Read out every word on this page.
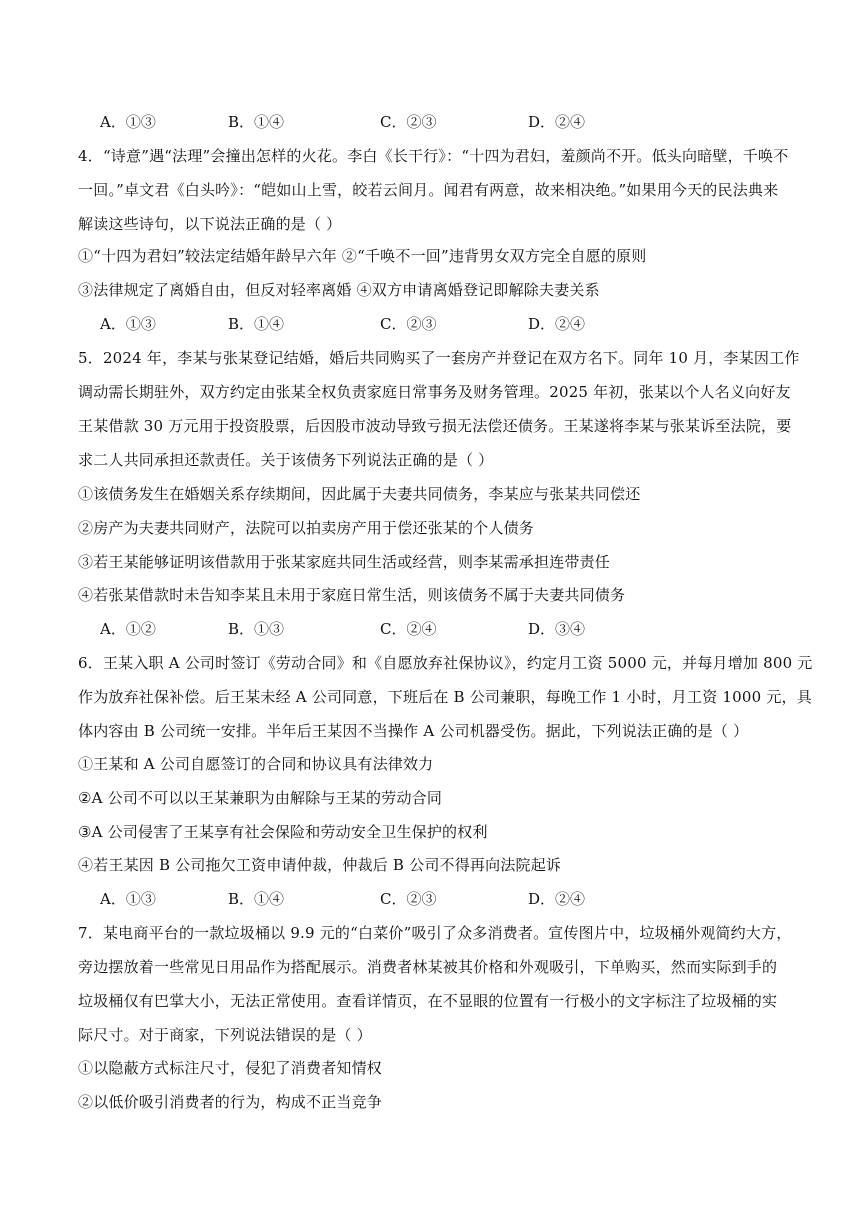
A．①③	B．①④	C．②③	D．②④
4．“诗意”遇“法理”会撞出怎样的火花。李白《长干行》：“十四为君妇，羞颜尚不开。低头向暗壁，千唤不
一回。”卓文君《白头吟》：“皑如山上雪，皎若云间月。闻君有两意，故来相决绝。”如果用今天的民法典来
解读这些诗句，以下说法正确的是（ ）
①“十四为君妇”较法定结婚年龄早六年 ②“千唤不一回”违背男女双方完全自愿的原则
③法律规定了离婚自由，但反对轻率离婚 ④双方申请离婚登记即解除夫妻关系
A．①③	B．①④	C．②③	D．②④
5．2024 年，李某与张某登记结婚，婚后共同购买了一套房产并登记在双方名下。同年 10 月，李某因工作
调动需长期驻外，双方约定由张某全权负责家庭日常事务及财务管理。2025 年初，张某以个人名义向好友
王某借款 30 万元用于投资股票，后因股市波动导致亏损无法偿还债务。王某遂将李某与张某诉至法院，要
求二人共同承担还款责任。关于该债务下列说法正确的是（ ）
①该债务发生在婚姻关系存续期间，因此属于夫妻共同债务，李某应与张某共同偿还
②房产为夫妻共同财产，法院可以拍卖房产用于偿还张某的个人债务
③若王某能够证明该借款用于张某家庭共同生活或经营，则李某需承担连带责任
④若张某借款时未告知李某且未用于家庭日常生活，则该债务不属于夫妻共同债务
A．①②	B．①③	C．②④	D．③④
6．王某入职 A 公司时签订《劳动合同》和《自愿放弃社保协议》，约定月工资 5000 元，并每月增加 800 元
作为放弃社保补偿。后王某未经 A 公司同意，下班后在 B 公司兼职，每晚工作 1 小时，月工资 1000 元，具
体内容由 B 公司统一安排。半年后王某因不当操作 A 公司机器受伤。据此，下列说法正确的是（ ）
①王某和 A 公司自愿签订的合同和协议具有法律效力
②A 公司不可以以王某兼职为由解除与王某的劳动合同
③A 公司侵害了王某享有社会保险和劳动安全卫生保护的权利
④若王某因 B 公司拖欠工资申请仲裁，仲裁后 B 公司不得再向法院起诉
A．①③	B．①④	C．②③	D．②④
7．某电商平台的一款垃圾桶以 9.9 元的“白菜价”吸引了众多消费者。宣传图片中，垃圾桶外观简约大方，
旁边摆放着一些常见日用品作为搭配展示。消费者林某被其价格和外观吸引，下单购买，然而实际到手的
垃圾桶仅有巴掌大小，无法正常使用。查看详情页，在不显眼的位置有一行极小的文字标注了垃圾桶的实
际尺寸。对于商家，下列说法错误的是（ ）
①以隐蔽方式标注尺寸，侵犯了消费者知情权
②以低价吸引消费者的行为，构成不正当竞争
